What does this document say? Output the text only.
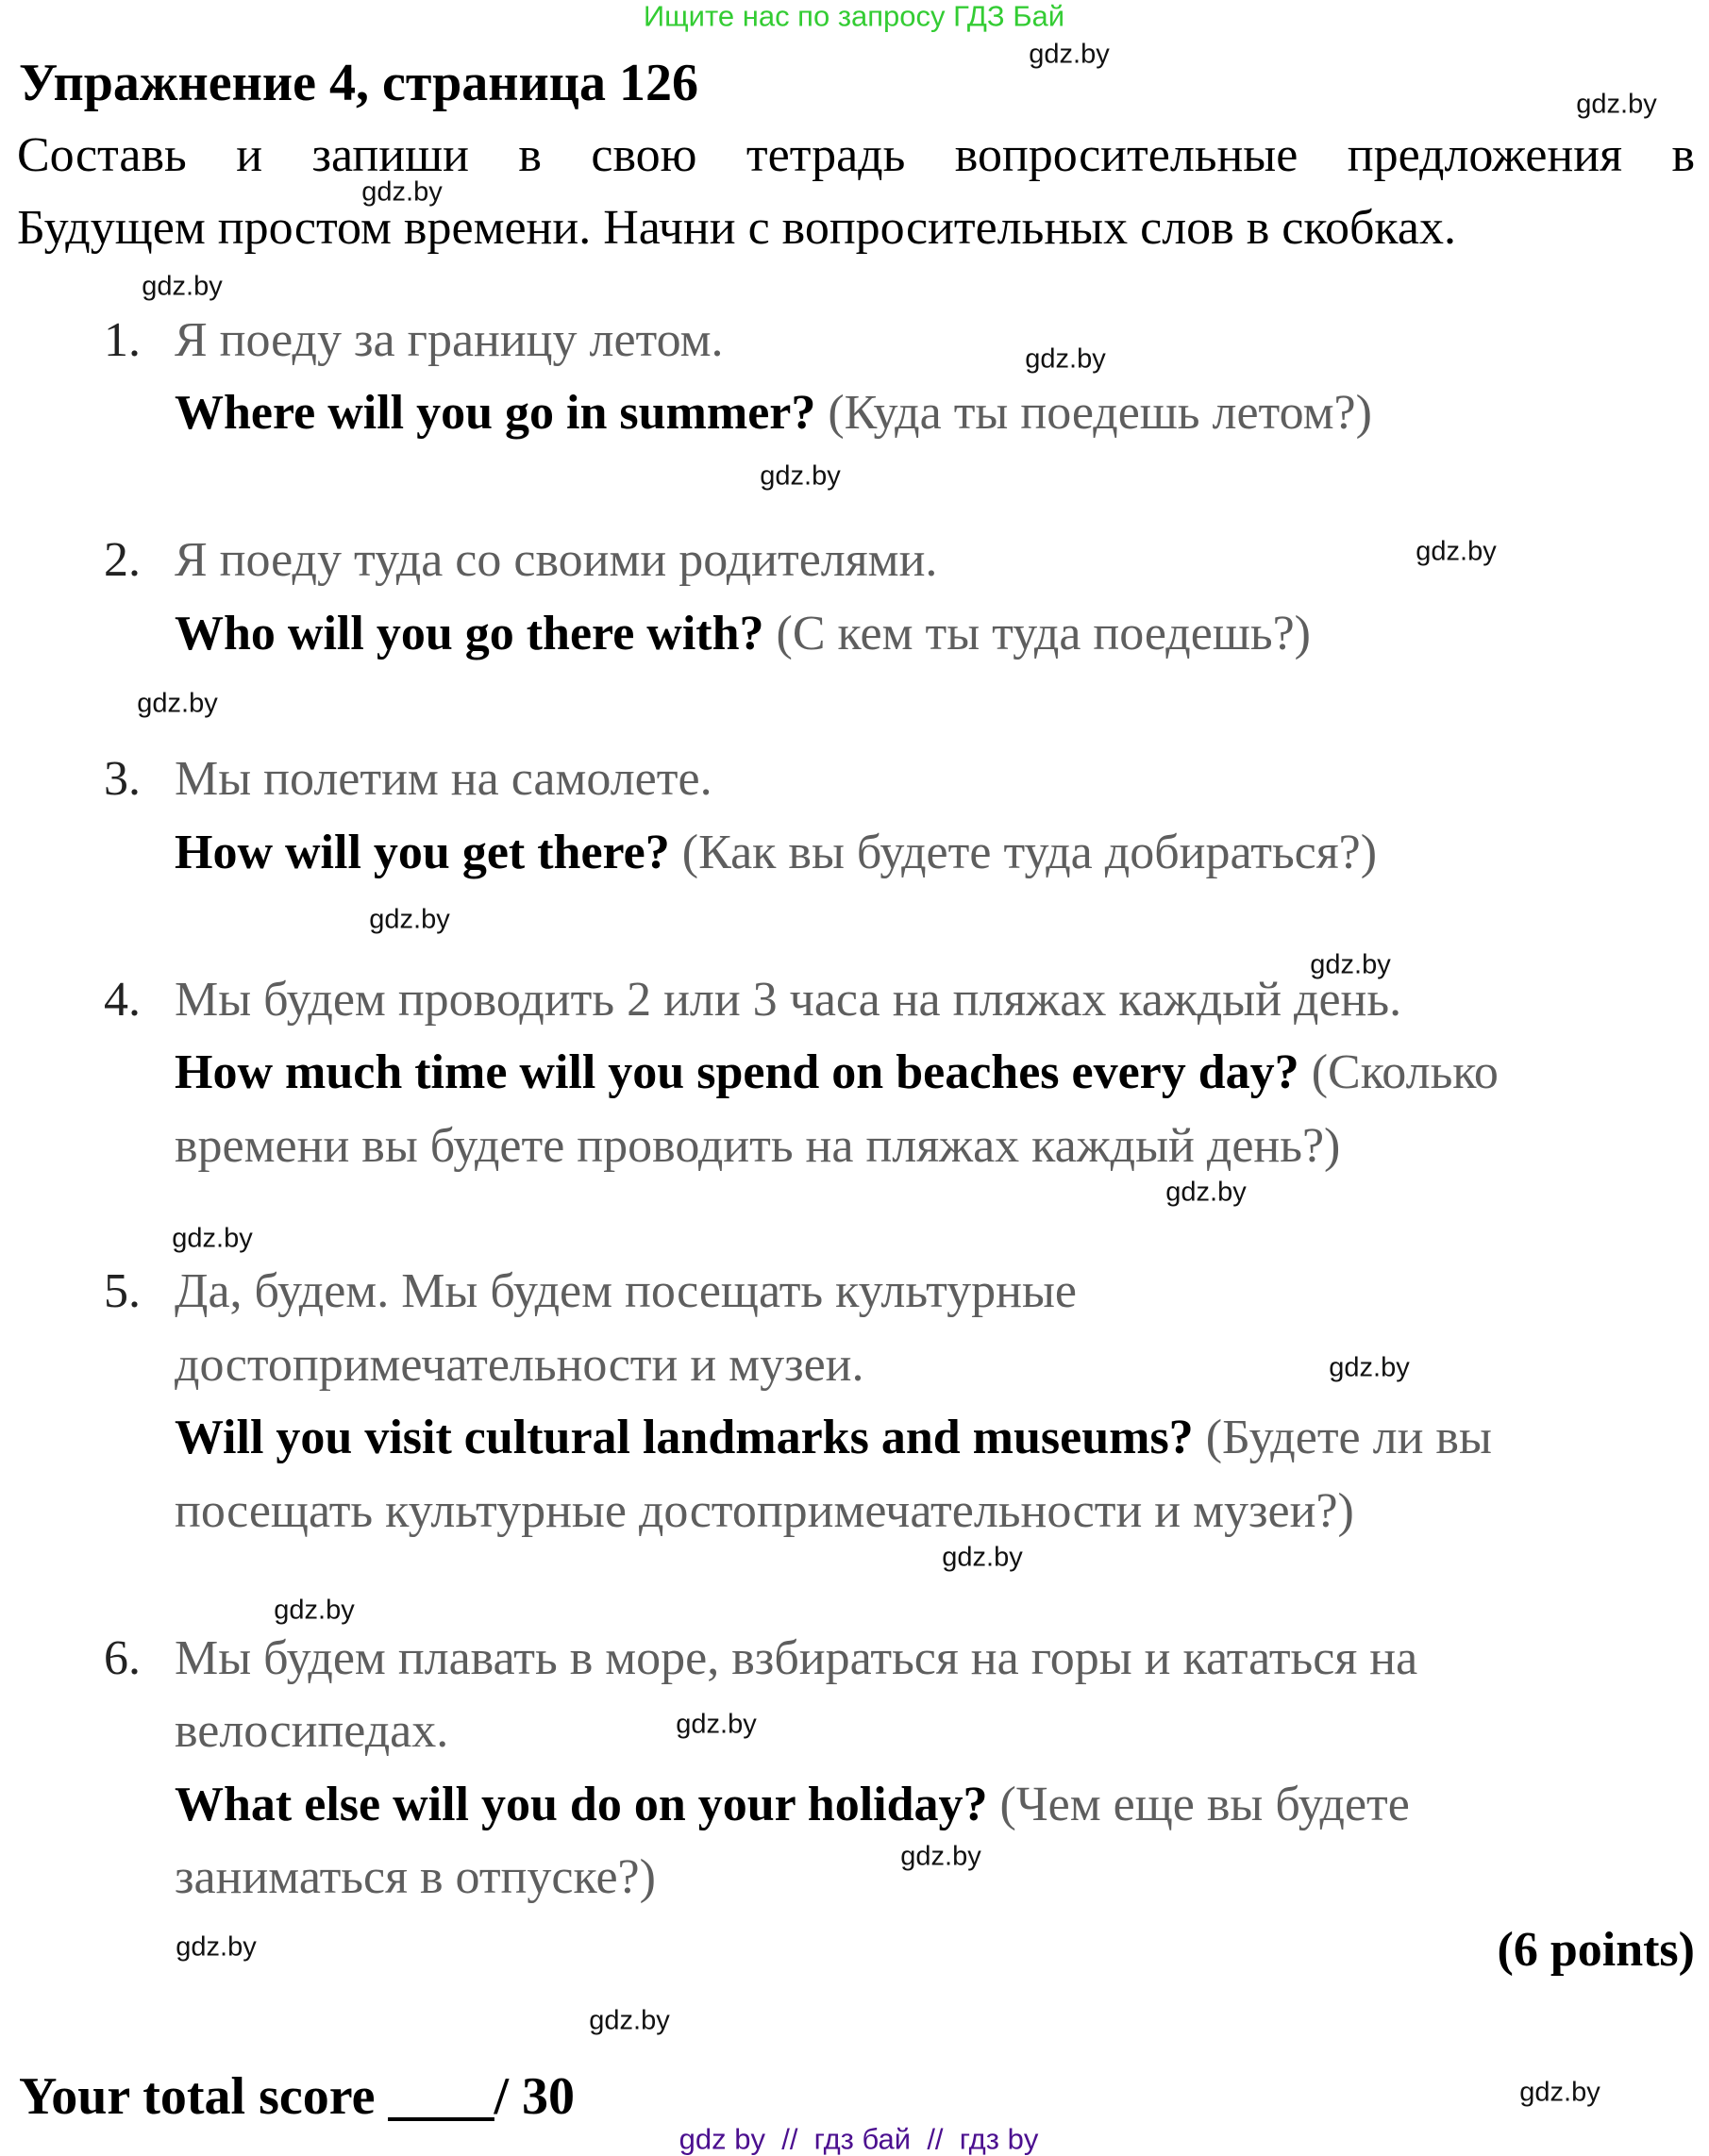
Ищите нас по запросу ГДЗ Бай
Упражнение 4, страница 126
Составь и запиши в свою тетрадь вопросительные предложения в
Будущем простом времени. Начни с вопросительных слов в скобках.
1. Я поеду за границу летом.
Where will you go in summer? (Куда ты поедешь летом?)
2. Я поеду туда со своими родителями.
Who will you go there with? (С кем ты туда поедешь?)
3. Мы полетим на самолете.
How will you get there? (Как вы будете туда добираться?)
4. Мы будем проводить 2 или 3 часа на пляжах каждый день.
How much time will you spend on beaches every day? (Сколько
времени вы будете проводить на пляжах каждый день?)
5. Да, будем. Мы будем посещать культурные
достопримечательности и музеи.
Will you visit cultural landmarks and museums? (Будете ли вы
посещать культурные достопримечательности и музеи?)
6. Мы будем плавать в море, взбираться на горы и кататься на
велосипедах.
What else will you do on your holiday? (Чем еще вы будете
заниматься в отпуске?)
(6 points)
Your total score ____/ 30
gdz by  //  гдз бай  //  гдз by
gdz.by
gdz.by
gdz.by
gdz.by
gdz.by
gdz.by
gdz.by
gdz.by
gdz.by
gdz.by
gdz.by
gdz.by
gdz.by
gdz.by
gdz.by
gdz.by
gdz.by
gdz.by
gdz.by
gdz.by
